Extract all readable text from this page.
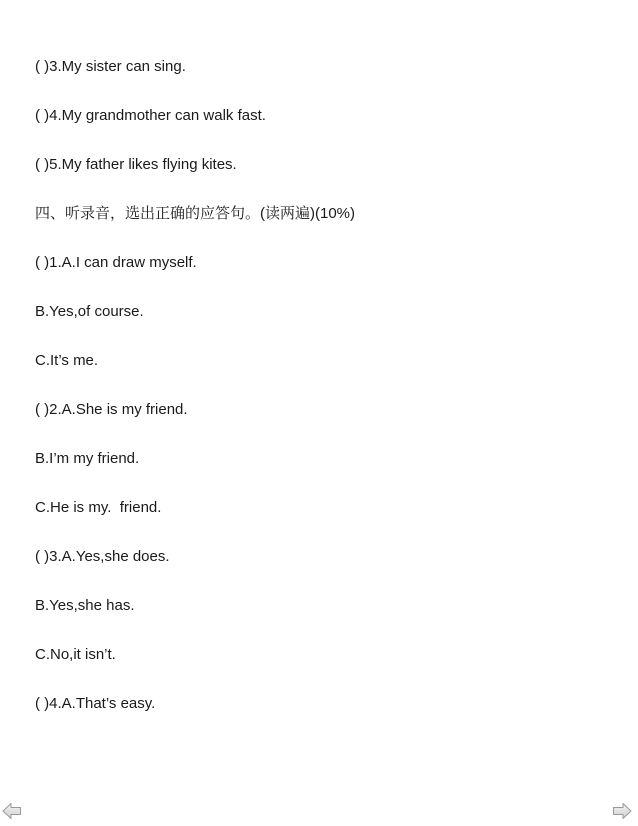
( )3.My sister can sing.
( )4.My grandmother can walk fast.
( )5.My father likes flying kites.
四、听录音，选出正确的应答句。(读两遍)(10%)
( )1.A.I can draw myself.
B.Yes,of course.
C.It’s me.
( )2.A.She is my friend.
B.I’m my friend.
C.He is my.  friend.
( )3.A.Yes,she does.
B.Yes,she has.
C.No,it isn’t.
( )4.A.That’s easy.
